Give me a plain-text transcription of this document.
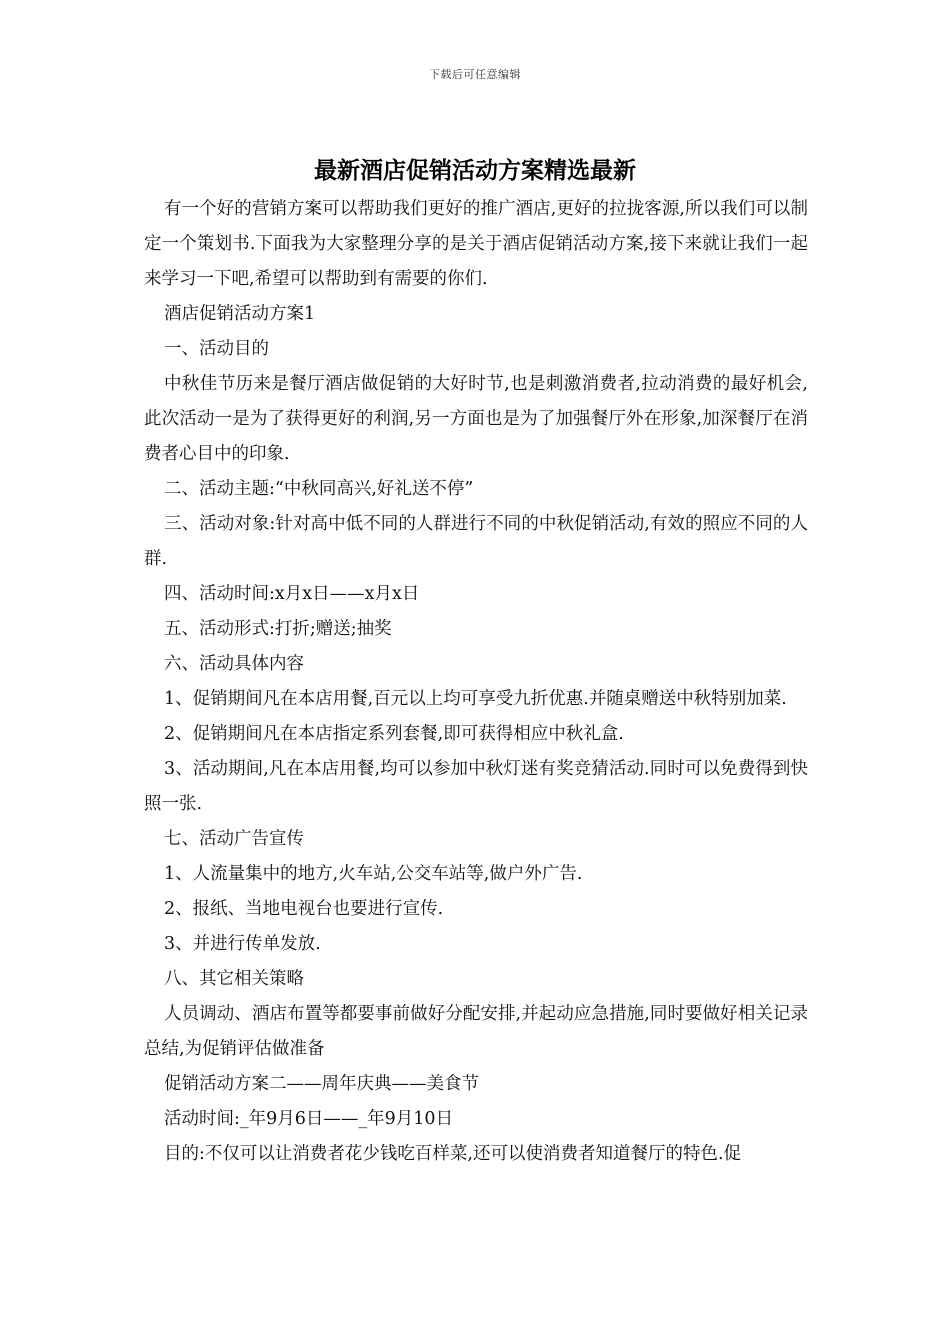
下载后可任意编辑
最新酒店促销活动方案精选最新

有一个好的营销方案可以帮助我们更好的推广酒店,更好的拉拢客源,所以我们可以制定一个策划书.下面我为大家整理分享的是关于酒店促销活动方案,接下来就让我们一起来学习一下吧,希望可以帮助到有需要的你们.

酒店促销活动方案1

一、活动目的

中秋佳节历来是餐厅酒店做促销的大好时节,也是刺激消费者,拉动消费的最好机会,此次活动一是为了获得更好的利润,另一方面也是为了加强餐厅外在形象,加深餐厅在消费者心目中的印象.

二、活动主题:“中秋同高兴,好礼送不停”

三、活动对象:针对高中低不同的人群进行不同的中秋促销活动,有效的照应不同的人群.

四、活动时间:x月x日——x月x日

五、活动形式:打折;赠送;抽奖

六、活动具体内容

1、促销期间凡在本店用餐,百元以上均可享受九折优惠.并随桌赠送中秋特别加菜.

2、促销期间凡在本店指定系列套餐,即可获得相应中秋礼盒.

3、活动期间,凡在本店用餐,均可以参加中秋灯迷有奖竞猜活动.同时可以免费得到快照一张.

七、活动广告宣传

1、人流量集中的地方,火车站,公交车站等,做户外广告.

2、报纸、当地电视台也要进行宣传.

3、并进行传单发放.

八、其它相关策略

人员调动、酒店布置等都要事前做好分配安排,并起动应急措施,同时要做好相关记录总结,为促销评估做准备

促销活动方案二——周年庆典——美食节

活动时间:_年9月6日——_年9月10日

目的:不仅可以让消费者花少钱吃百样菜,还可以使消费者知道餐厅的特色.促
